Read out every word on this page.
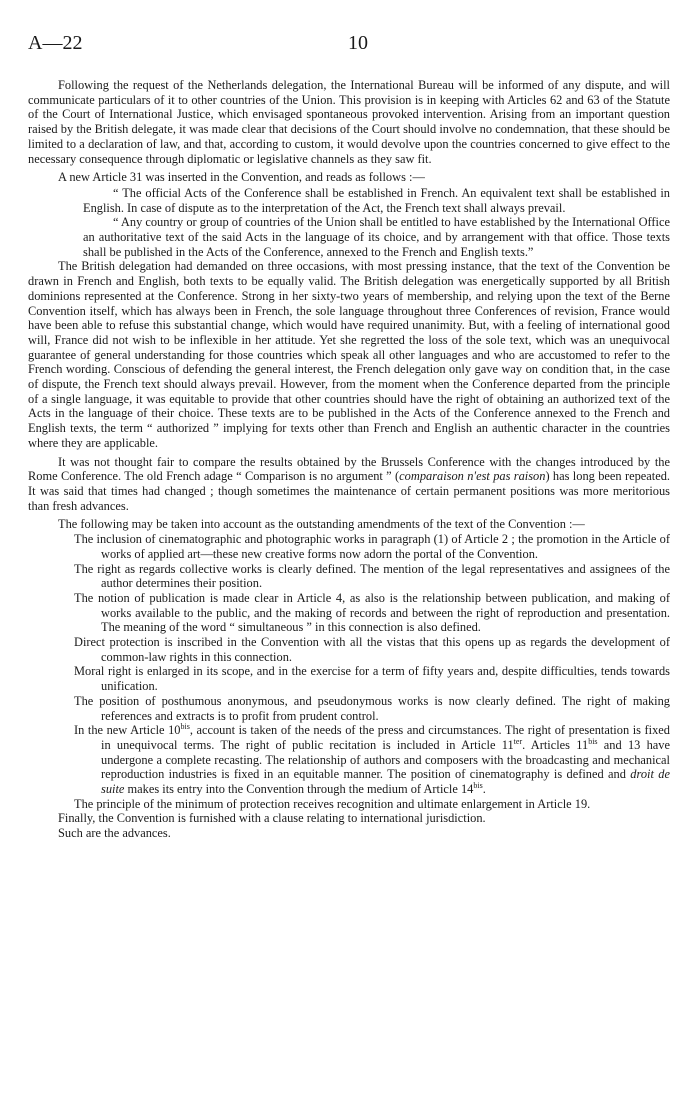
A—22	10

Following the request of the Netherlands delegation, the International Bureau will be informed of any dispute, and will communicate particulars of it to other countries of the Union. This provision is in keeping with Articles 62 and 63 of the Statute of the Court of International Justice, which envisaged spontaneous provoked intervention. Arising from an important question raised by the British delegate, it was made clear that decisions of the Court should involve no condemnation, that these should be limited to a declaration of law, and that, according to custom, it would devolve upon the countries concerned to give effect to the necessary consequence through diplomatic or legislative channels as they saw fit.

A new Article 31 was inserted in the Convention, and reads as follows :—

“ The official Acts of the Conference shall be established in French. An equivalent text shall be established in English. In case of dispute as to the interpretation of the Act, the French text shall always prevail.

“ Any country or group of countries of the Union shall be entitled to have established by the International Office an authoritative text of the said Acts in the language of its choice, and by arrangement with that office. Those texts shall be published in the Acts of the Conference, annexed to the French and English texts.”

The British delegation had demanded on three occasions, with most pressing instance, that the text of the Convention be drawn in French and English, both texts to be equally valid. The British delegation was energetically supported by all British dominions represented at the Conference. Strong in her sixty-two years of membership, and relying upon the text of the Berne Convention itself, which has always been in French, the sole language throughout three Conferences of revision, France would have been able to refuse this substantial change, which would have required unanimity. But, with a feeling of international good will, France did not wish to be inflexible in her attitude. Yet she regretted the loss of the sole text, which was an unequivocal guarantee of general understanding for those countries which speak all other languages and who are accustomed to refer to the French wording. Conscious of defending the general interest, the French delegation only gave way on condition that, in the case of dispute, the French text should always prevail. However, from the moment when the Conference departed from the principle of a single language, it was equitable to provide that other countries should have the right of obtaining an authorized text of the Acts in the language of their choice. These texts are to be published in the Acts of the Conference annexed to the French and English texts, the term “ authorized ” implying for texts other than French and English an authentic character in the countries where they are applicable.

It was not thought fair to compare the results obtained by the Brussels Conference with the changes introduced by the Rome Conference. The old French adage “ Comparison is no argument ” (comparaison n'est pas raison) has long been repeated. It was said that times had changed ; though sometimes the maintenance of certain permanent positions was more meritorious than fresh advances.

The following may be taken into account as the outstanding amendments of the text of the Convention :—

The inclusion of cinematographic and photographic works in paragraph (1) of Article 2 ; the promotion in the Article of works of applied art—these new creative forms now adorn the portal of the Convention.

The right as regards collective works is clearly defined. The mention of the legal representatives and assignees of the author determines their position.

The notion of publication is made clear in Article 4, as also is the relationship between publication, and making of works available to the public, and the making of records and between the right of reproduction and presentation. The meaning of the word “ simultaneous ” in this connection is also defined.

Direct protection is inscribed in the Convention with all the vistas that this opens up as regards the development of common-law rights in this connection.

Moral right is enlarged in its scope, and in the exercise for a term of fifty years and, despite difficulties, tends towards unification.

The position of posthumous anonymous, and pseudonymous works is now clearly defined. The right of making references and extracts is to profit from prudent control.

In the new Article $10^{bis}$, account is taken of the needs of the press and circumstances. The right of presentation is fixed in unequivocal terms. The right of public recitation is included in Article $11^{ter}$. Articles $11^{bis}$ and 13 have undergone a complete recasting. The relationship of authors and composers with the broadcasting and mechanical reproduction industries is fixed in an equitable manner. The position of cinematography is defined and droit de suite makes its entry into the Convention through the medium of Article $14^{bis}$.

The principle of the minimum of protection receives recognition and ultimate enlargement in Article 19.

Finally, the Convention is furnished with a clause relating to international jurisdiction.

Such are the advances.
